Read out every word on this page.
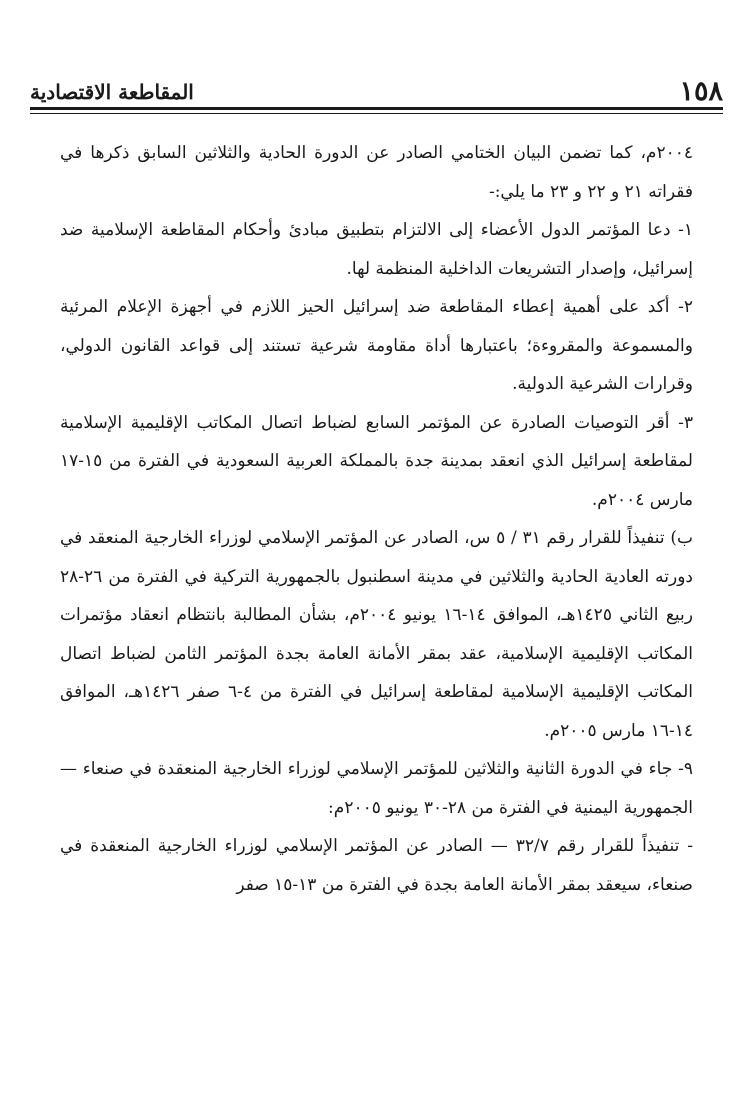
١٥٨
المقاطعة الاقتصادية

٢٠٠٤م، كما تضمن البيان الختامي الصادر عن الدورة الحادية والثلاثين السابق ذكرها في فقراته ٢١ و ٢٢ و ٢٣ ما يلي:-

١- دعا المؤتمر الدول الأعضاء إلى الالتزام بتطبيق مبادئ وأحكام المقاطعة الإسلامية ضد إسرائيل، وإصدار التشريعات الداخلية المنظمة لها.

٢- أكد على أهمية إعطاء المقاطعة ضد إسرائيل الحيز اللازم في أجهزة الإعلام المرئية والمسموعة والمقروءة؛ باعتبارها أداة مقاومة شرعية تستند إلى قواعد القانون الدولي، وقرارات الشرعية الدولية.

٣- أقر التوصيات الصادرة عن المؤتمر السابع لضباط اتصال المكاتب الإقليمية الإسلامية لمقاطعة إسرائيل الذي انعقد بمدينة جدة بالمملكة العربية السعودية في الفترة من ١٥-١٧ مارس ٢٠٠٤م.

ب) تنفيذاً للقرار رقم ٣١ / ٥ س، الصادر عن المؤتمر الإسلامي لوزراء الخارجية المنعقد في دورته العادية الحادية والثلاثين في مدينة اسطنبول بالجمهورية التركية في الفترة من ٢٦-٢٨ ربيع الثاني ١٤٢٥هـ، الموافق ١٤-١٦ يونيو ٢٠٠٤م، بشأن المطالبة بانتظام انعقاد مؤتمرات المكاتب الإقليمية الإسلامية، عقد بمقر الأمانة العامة بجدة المؤتمر الثامن لضباط اتصال المكاتب الإقليمية الإسلامية لمقاطعة إسرائيل في الفترة من ٤-٦ صفر ١٤٢٦هـ، الموافق ١٤-١٦ مارس ٢٠٠٥م.

٩- جاء في الدورة الثانية والثلاثين للمؤتمر الإسلامي لوزراء الخارجية المنعقدة في صنعاء — الجمهورية اليمنية في الفترة من ٢٨-٣٠ يونيو ٢٠٠٥م:

- تنفيذاً للقرار رقم ٣٢/٧ — الصادر عن المؤتمر الإسلامي لوزراء الخارجية المنعقدة في صنعاء، سيعقد بمقر الأمانة العامة بجدة في الفترة من ١٣-١٥ صفر
